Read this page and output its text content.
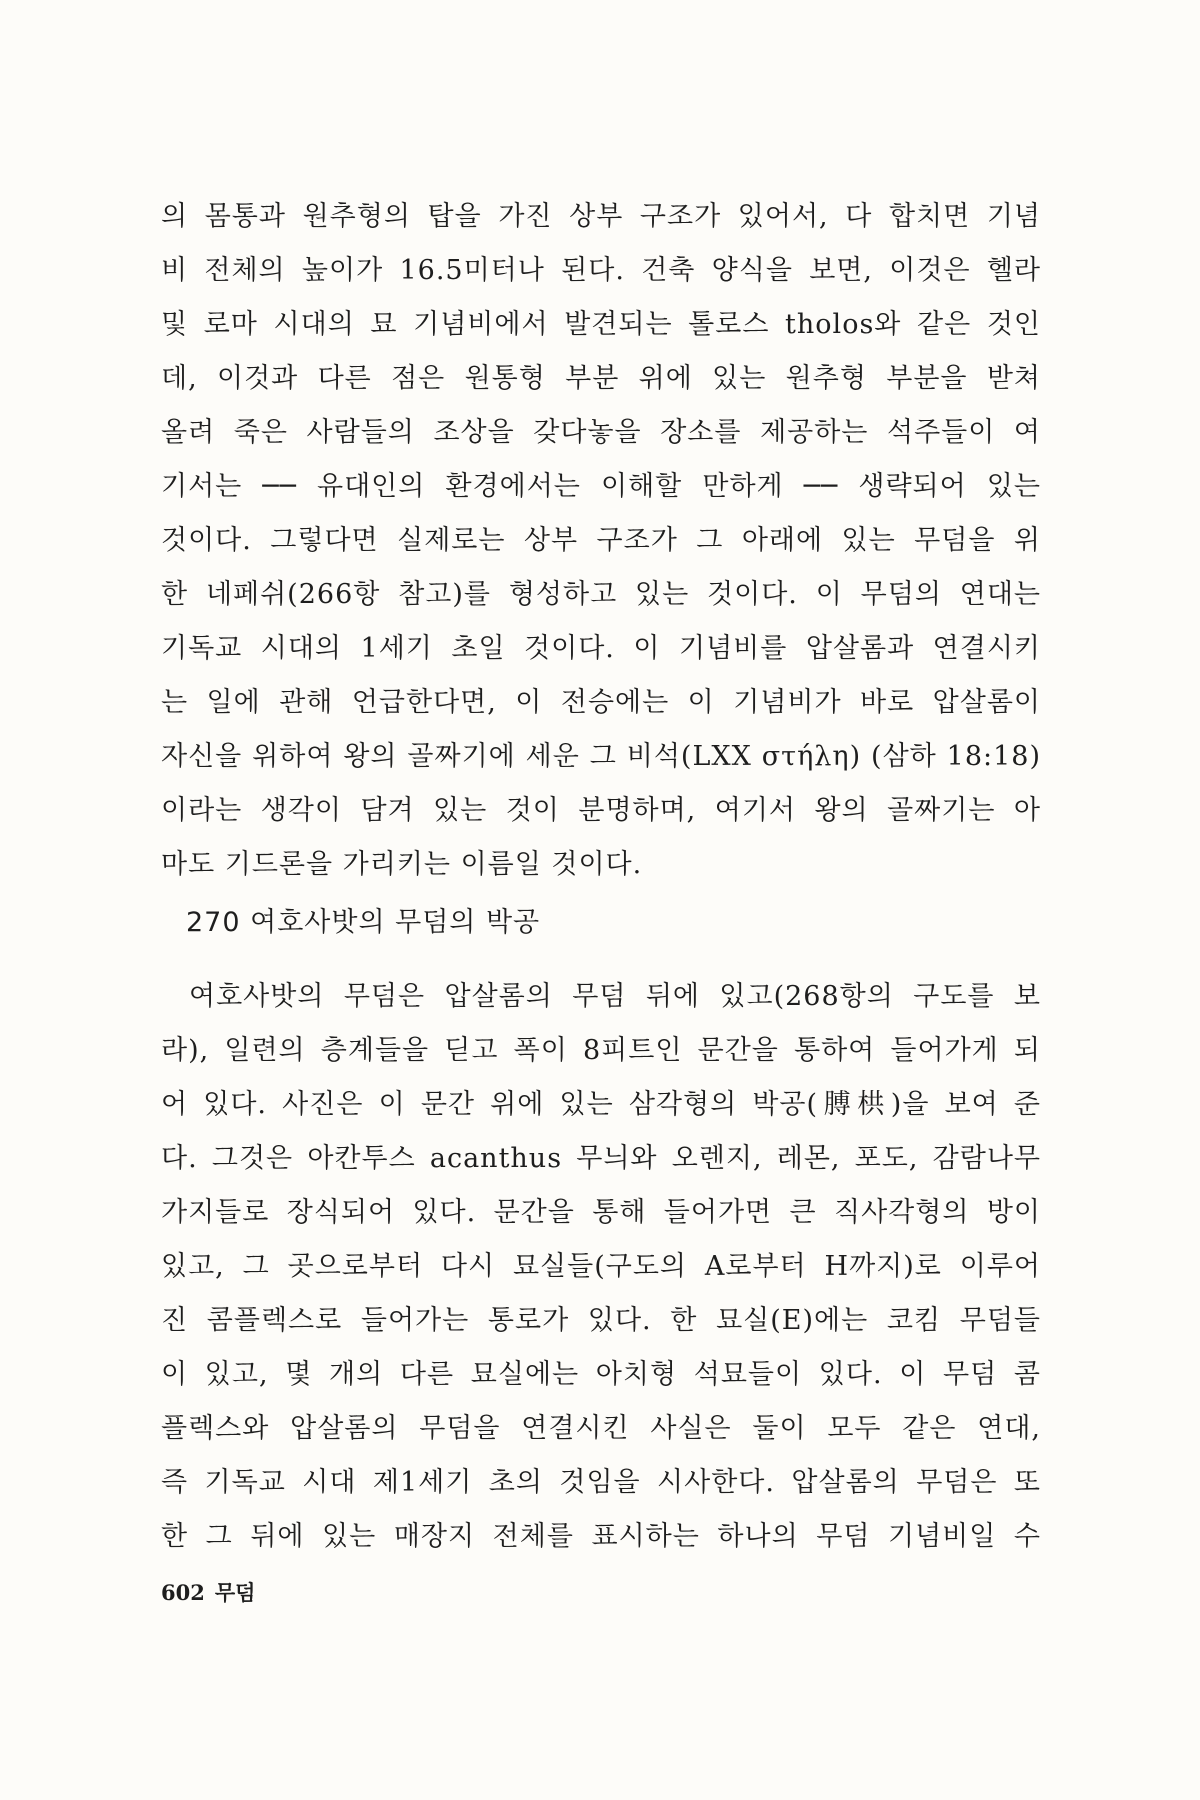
의 몸통과 원추형의 탑을 가진 상부 구조가 있어서, 다 합치면 기념
비 전체의 높이가 16.5미터나 된다. 건축 양식을 보면, 이것은 헬라
및 로마 시대의 묘 기념비에서 발견되는 톨로스 tholos와 같은 것인
데, 이것과 다른 점은 원통형 부분 위에 있는 원추형 부분을 받쳐
올려 죽은 사람들의 조상을 갖다놓을 장소를 제공하는 석주들이 여
기서는 ── 유대인의 환경에서는 이해할 만하게 ── 생략되어 있는
것이다. 그렇다면 실제로는 상부 구조가 그 아래에 있는 무덤을 위
한 네페쉬(266항 참고)를 형성하고 있는 것이다. 이 무덤의 연대는
기독교 시대의 1세기 초일 것이다. 이 기념비를 압살롬과 연결시키
는 일에 관해 언급한다면, 이 전승에는 이 기념비가 바로 압살롬이
자신을 위하여 왕의 골짜기에 세운 그 비석(LXX στήλη) (삼하 18:18)
이라는 생각이 담겨 있는 것이 분명하며, 여기서 왕의 골짜기는 아
마도 기드론을 가리키는 이름일 것이다.
270 여호사밧의 무덤의 박공
여호사밧의 무덤은 압살롬의 무덤 뒤에 있고(268항의 구도를 보
라), 일련의 층계들을 딛고 폭이 8피트인 문간을 통하여 들어가게 되
어 있다. 사진은 이 문간 위에 있는 삼각형의 박공(膊栱)을 보여 준
다. 그것은 아칸투스 acanthus 무늬와 오렌지, 레몬, 포도, 감람나무
가지들로 장식되어 있다. 문간을 통해 들어가면 큰 직사각형의 방이
있고, 그 곳으로부터 다시 묘실들(구도의 A로부터 H까지)로 이루어
진 콤플렉스로 들어가는 통로가 있다. 한 묘실(E)에는 코킴 무덤들
이 있고, 몇 개의 다른 묘실에는 아치형 석묘들이 있다. 이 무덤 콤
플렉스와 압살롬의 무덤을 연결시킨 사실은 둘이 모두 같은 연대,
즉 기독교 시대 제1세기 초의 것임을 시사한다. 압살롬의 무덤은 또
한 그 뒤에 있는 매장지 전체를 표시하는 하나의 무덤 기념비일 수
602 무덤
